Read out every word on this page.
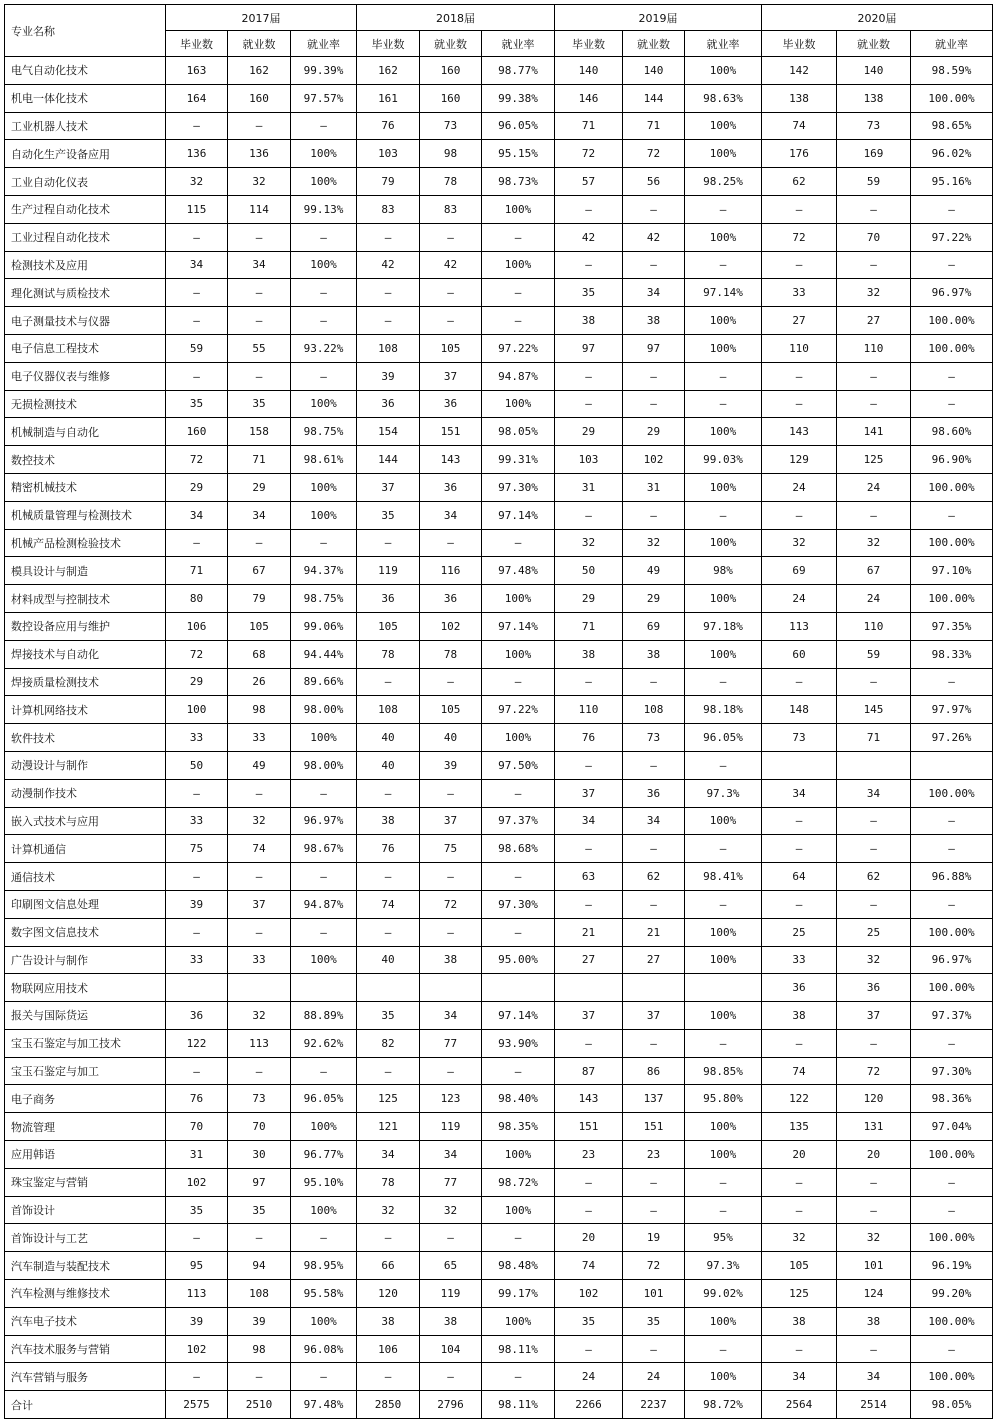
专业名称	2017届			2018届			2019届			2020届		
	毕业数	就业数	就业率	毕业数	就业数	就业率	毕业数	就业数	就业率	毕业数	就业数	就业率
电气自动化技术	163	162	99.39%	162	160	98.77%	140	140	100%	142	140	98.59%
机电一体化技术	164	160	97.57%	161	160	99.38%	146	144	98.63%	138	138	100.00%
工业机器人技术	—	—	—	76	73	96.05%	71	71	100%	74	73	98.65%
自动化生产设备应用	136	136	100%	103	98	95.15%	72	72	100%	176	169	96.02%
工业自动化仪表	32	32	100%	79	78	98.73%	57	56	98.25%	62	59	95.16%
生产过程自动化技术	115	114	99.13%	83	83	100%	—	—	—	—	—	—
工业过程自动化技术	—	—	—	—	—	—	42	42	100%	72	70	97.22%
检测技术及应用	34	34	100%	42	42	100%	—	—	—	—	—	—
理化测试与质检技术	—	—	—	—	—	—	35	34	97.14%	33	32	96.97%
电子测量技术与仪器	—	—	—	—	—	—	38	38	100%	27	27	100.00%
电子信息工程技术	59	55	93.22%	108	105	97.22%	97	97	100%	110	110	100.00%
电子仪器仪表与维修	—	—	—	39	37	94.87%	—	—	—	—	—	—
无损检测技术	35	35	100%	36	36	100%	—	—	—	—	—	—
机械制造与自动化	160	158	98.75%	154	151	98.05%	29	29	100%	143	141	98.60%
数控技术	72	71	98.61%	144	143	99.31%	103	102	99.03%	129	125	96.90%
精密机械技术	29	29	100%	37	36	97.30%	31	31	100%	24	24	100.00%
机械质量管理与检测技术	34	34	100%	35	34	97.14%	—	—	—	—	—	—
机械产品检测检验技术	—	—	—	—	—	—	32	32	100%	32	32	100.00%
模具设计与制造	71	67	94.37%	119	116	97.48%	50	49	98%	69	67	97.10%
材料成型与控制技术	80	79	98.75%	36	36	100%	29	29	100%	24	24	100.00%
数控设备应用与维护	106	105	99.06%	105	102	97.14%	71	69	97.18%	113	110	97.35%
焊接技术与自动化	72	68	94.44%	78	78	100%	38	38	100%	60	59	98.33%
焊接质量检测技术	29	26	89.66%	—	—	—	—	—	—	—	—	—
计算机网络技术	100	98	98.00%	108	105	97.22%	110	108	98.18%	148	145	97.97%
软件技术	33	33	100%	40	40	100%	76	73	96.05%	73	71	97.26%
动漫设计与制作	50	49	98.00%	40	39	97.50%	—	—	—			
动漫制作技术	—	—	—	—	—	—	37	36	97.3%	34	34	100.00%
嵌入式技术与应用	33	32	96.97%	38	37	97.37%	34	34	100%	—	—	—
计算机通信	75	74	98.67%	76	75	98.68%	—	—	—	—	—	—
通信技术	—	—	—	—	—	—	63	62	98.41%	64	62	96.88%
印刷图文信息处理	39	37	94.87%	74	72	97.30%	—	—	—	—	—	—
数字图文信息技术	—	—	—	—	—	—	21	21	100%	25	25	100.00%
广告设计与制作	33	33	100%	40	38	95.00%	27	27	100%	33	32	96.97%
物联网应用技术										36	36	100.00%
报关与国际货运	36	32	88.89%	35	34	97.14%	37	37	100%	38	37	97.37%
宝玉石鉴定与加工技术	122	113	92.62%	82	77	93.90%	—	—	—	—	—	—
宝玉石鉴定与加工	—	—	—	—	—	—	87	86	98.85%	74	72	97.30%
电子商务	76	73	96.05%	125	123	98.40%	143	137	95.80%	122	120	98.36%
物流管理	70	70	100%	121	119	98.35%	151	151	100%	135	131	97.04%
应用韩语	31	30	96.77%	34	34	100%	23	23	100%	20	20	100.00%
珠宝鉴定与营销	102	97	95.10%	78	77	98.72%	—	—	—	—	—	—
首饰设计	35	35	100%	32	32	100%	—	—	—	—	—	—
首饰设计与工艺	—	—	—	—	—	—	20	19	95%	32	32	100.00%
汽车制造与装配技术	95	94	98.95%	66	65	98.48%	74	72	97.3%	105	101	96.19%
汽车检测与维修技术	113	108	95.58%	120	119	99.17%	102	101	99.02%	125	124	99.20%
汽车电子技术	39	39	100%	38	38	100%	35	35	100%	38	38	100.00%
汽车技术服务与营销	102	98	96.08%	106	104	98.11%	—	—	—	—	—	—
汽车营销与服务	—	—	—	—	—	—	24	24	100%	34	34	100.00%
合计	2575	2510	97.48%	2850	2796	98.11%	2266	2237	98.72%	2564	2514	98.05%
